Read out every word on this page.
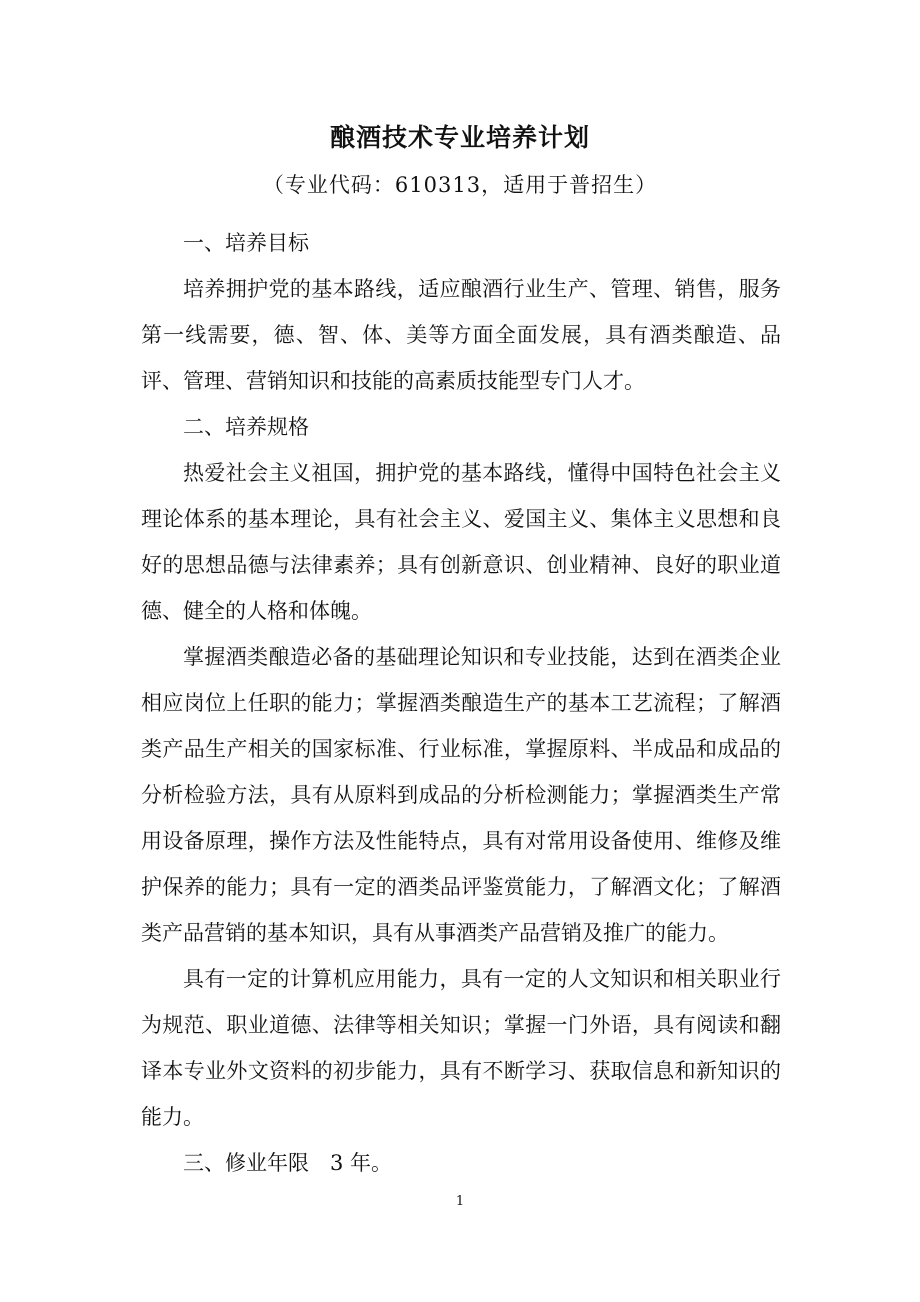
酿酒技术专业培养计划
（专业代码：610313，适用于普招生）

一、培养目标

培养拥护党的基本路线，适应酿酒行业生产、管理、销售，服务第一线需要，德、智、体、美等方面全面发展，具有酒类酿造、品评、管理、营销知识和技能的高素质技能型专门人才。

二、培养规格

热爱社会主义祖国，拥护党的基本路线，懂得中国特色社会主义理论体系的基本理论，具有社会主义、爱国主义、集体主义思想和良好的思想品德与法律素养；具有创新意识、创业精神、良好的职业道德、健全的人格和体魄。

掌握酒类酿造必备的基础理论知识和专业技能，达到在酒类企业相应岗位上任职的能力；掌握酒类酿造生产的基本工艺流程；了解酒类产品生产相关的国家标准、行业标准，掌握原料、半成品和成品的分析检验方法，具有从原料到成品的分析检测能力；掌握酒类生产常用设备原理，操作方法及性能特点，具有对常用设备使用、维修及维护保养的能力；具有一定的酒类品评鉴赏能力，了解酒文化；了解酒类产品营销的基本知识，具有从事酒类产品营销及推广的能力。

具有一定的计算机应用能力，具有一定的人文知识和相关职业行为规范、职业道德、法律等相关知识；掌握一门外语，具有阅读和翻译本专业外文资料的初步能力，具有不断学习、获取信息和新知识的能力。

三、修业年限　3 年。

1
